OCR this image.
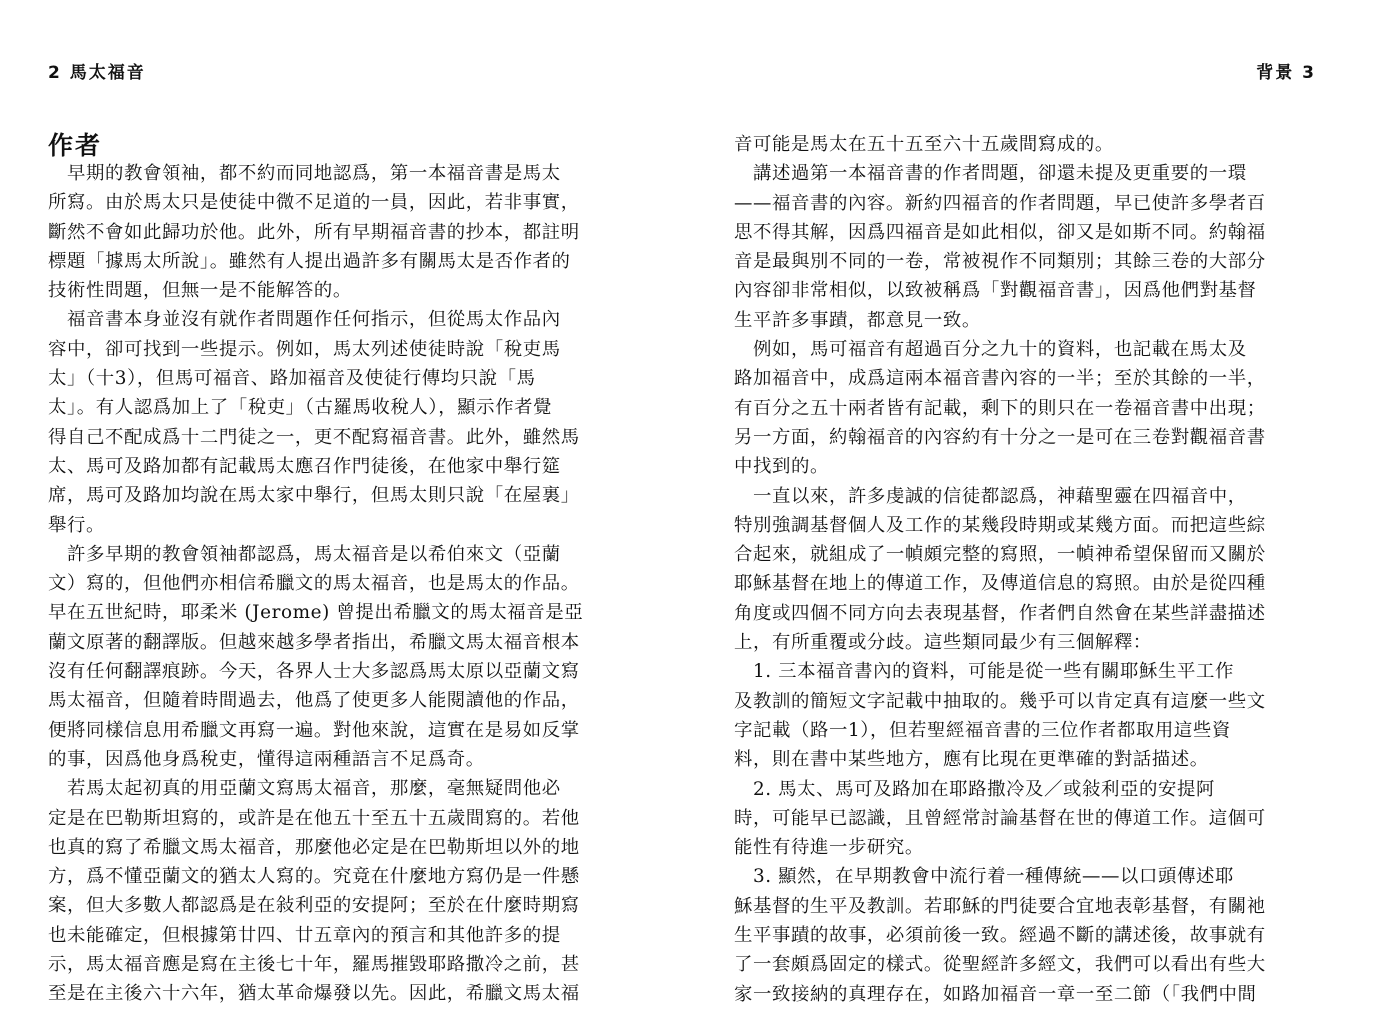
2 馬太福音
作者
　早期的教會領袖，都不約而同地認爲，第一本福音書是馬太
所寫。由於馬太只是使徒中微不足道的一員，因此，若非事實，
斷然不會如此歸功於他。此外，所有早期福音書的抄本，都註明
標題「據馬太所說」。雖然有人提出過許多有關馬太是否作者的
技術性問題，但無一是不能解答的。
　福音書本身並沒有就作者問題作任何指示，但從馬太作品內
容中，卻可找到一些提示。例如，馬太列述使徒時說「稅吏馬
太」（十3），但馬可福音、路加福音及使徒行傳均只說「馬
太」。有人認爲加上了「稅吏」（古羅馬收稅人），顯示作者覺
得自己不配成爲十二門徒之一，更不配寫福音書。此外，雖然馬
太、馬可及路加都有記載馬太應召作門徒後，在他家中舉行筵
席，馬可及路加均說在馬太家中舉行，但馬太則只說「在屋裏」
舉行。
　許多早期的教會領袖都認爲，馬太福音是以希伯來文（亞蘭
文）寫的，但他們亦相信希臘文的馬太福音，也是馬太的作品。
早在五世紀時，耶柔米 (Jerome) 曾提出希臘文的馬太福音是亞
蘭文原著的翻譯版。但越來越多學者指出，希臘文馬太福音根本
沒有任何翻譯痕跡。今天，各界人士大多認爲馬太原以亞蘭文寫
馬太福音，但隨着時間過去，他爲了使更多人能閱讀他的作品，
便將同樣信息用希臘文再寫一遍。對他來說，這實在是易如反掌
的事，因爲他身爲稅吏，懂得這兩種語言不足爲奇。
　若馬太起初真的用亞蘭文寫馬太福音，那麼，毫無疑問他必
定是在巴勒斯坦寫的，或許是在他五十至五十五歲間寫的。若他
也真的寫了希臘文馬太福音，那麼他必定是在巴勒斯坦以外的地
方，爲不懂亞蘭文的猶太人寫的。究竟在什麼地方寫仍是一件懸
案，但大多數人都認爲是在敍利亞的安提阿；至於在什麼時期寫
也未能確定，但根據第廿四、廿五章內的預言和其他許多的提
示，馬太福音應是寫在主後七十年，羅馬摧毀耶路撒冷之前，甚
至是在主後六十六年，猶太革命爆發以先。因此，希臘文馬太福
背景 3
音可能是馬太在五十五至六十五歲間寫成的。
　講述過第一本福音書的作者問題，卻還未提及更重要的一環
——福音書的內容。新約四福音的作者問題，早已使許多學者百
思不得其解，因爲四福音是如此相似，卻又是如斯不同。約翰福
音是最與別不同的一卷，常被視作不同類別；其餘三卷的大部分
內容卻非常相似，以致被稱爲「對觀福音書」，因爲他們對基督
生平許多事蹟，都意見一致。
　例如，馬可福音有超過百分之九十的資料，也記載在馬太及
路加福音中，成爲這兩本福音書內容的一半；至於其餘的一半，
有百分之五十兩者皆有記載，剩下的則只在一卷福音書中出現；
另一方面，約翰福音的內容約有十分之一是可在三卷對觀福音書
中找到的。
　一直以來，許多虔誠的信徒都認爲，神藉聖靈在四福音中，
特別強調基督個人及工作的某幾段時期或某幾方面。而把這些綜
合起來，就組成了一幀頗完整的寫照，一幀神希望保留而又關於
耶穌基督在地上的傳道工作，及傳道信息的寫照。由於是從四種
角度或四個不同方向去表現基督，作者們自然會在某些詳盡描述
上，有所重覆或分歧。這些類同最少有三個解釋：
　1. 三本福音書內的資料，可能是從一些有關耶穌生平工作
及教訓的簡短文字記載中抽取的。幾乎可以肯定真有這麼一些文
字記載（路一1），但若聖經福音書的三位作者都取用這些資
料，則在書中某些地方，應有比現在更準確的對話描述。
　2. 馬太、馬可及路加在耶路撒冷及／或敍利亞的安提阿
時，可能早已認識，且曾經常討論基督在世的傳道工作。這個可
能性有待進一步研究。
　3. 顯然，在早期教會中流行着一種傳統——以口頭傳述耶
穌基督的生平及教訓。若耶穌的門徒要合宜地表彰基督，有關祂
生平事蹟的故事，必須前後一致。經過不斷的講述後，故事就有
了一套頗爲固定的樣式。從聖經許多經文，我們可以看出有些大
家一致接納的真理存在，如路加福音一章一至二節（「我們中間
